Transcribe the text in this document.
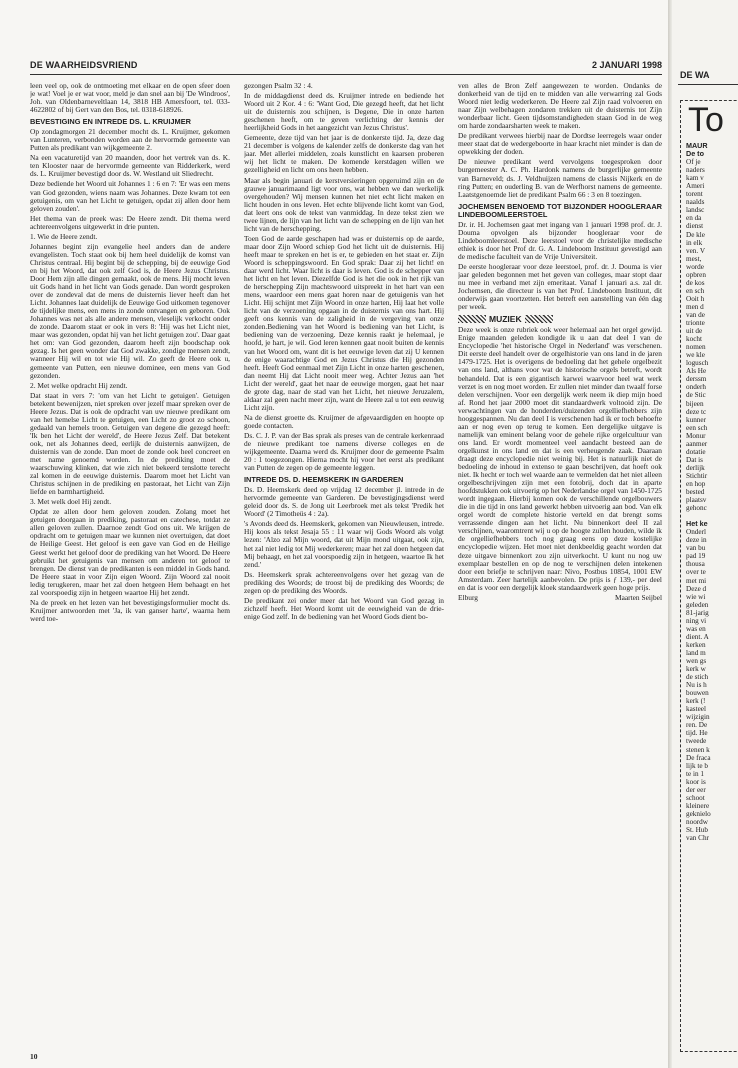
DE WAARHEIDSVRIEND	2 JANUARI 1998

leen veel op, ook de ontmoeting met elkaar en de open sfeer doen je wat! Voel je er wat voor, meld je dan snel aan bij 'De Windroos', Joh. van Oldenbarneveltlaan 14, 3818 HB Amersfoort, tel. 033-4622802 of bij Gert van den Bos, tel. 0318-618926.

BEVESTIGING EN INTREDE DS. L. KRUIJMER

Op zondagmorgen 21 december mocht ds. L. Kruijmer, gekomen van Lunteren, verbonden worden aan de hervormde gemeente van Putten als predikant van wijkgemeente 2.

Na een vacaturetijd van 20 maanden, door het vertrek van ds. K. ten Klooster naar de hervormde gemeente van Ridderkerk, werd ds. L. Kruijmer bevestigd door ds. W. Westland uit Sliedrecht.

Deze bediende het Woord uit Johannes 1 : 6 en 7: 'Er was een mens van God gezonden, wiens naam was Johannes. Deze kwam tot een getuigenis, om van het Licht te getuigen, opdat zij allen door hem geloven zouden'.

Het thema van de preek was: De Heere zendt. Dit thema werd achtereenvolgens uitgewerkt in drie punten.

1. Wie de Heere zendt.

Johannes begint zijn evangelie heel anders dan de andere evangelisten. Toch staat ook bij hem heel duidelijk de komst van Christus centraal. Hij begint bij de schepping, bij de eeuwige God en bij het Woord, dat ook zelf God is, de Heere Jezus Christus. Door Hem zijn alle dingen gemaakt, ook de mens. Hij mocht leven uit Gods hand in het licht van Gods genade. Dan wordt gesproken over de zondeval dat de mens de duisternis liever heeft dan het Licht. Johannes laat duidelijk de Eeuwige God uitkomen tegenover de tijdelijke mens, een mens in zonde ontvangen en geboren. Ook Johannes was net als alle andere mensen, vleselijk verkocht onder de zonde. Daarom staat er ook in vers 8: 'Hij was het Licht niet, maar was gezonden, opdat hij van het licht getuigen zou'. Daar gaat het om: van God gezonden, daarom heeft zijn boodschap ook gezag. Is het geen wonder dat God zwakke, zondige mensen zendt, wanneer Hij wil en tot wie Hij wil. Zo geeft de Heere ook u, gemeente van Putten, een nieuwe dominee, een mens van God gezonden.

2. Met welke opdracht Hij zendt.

Dat staat in vers 7: 'om van het Licht te getuigen'. Getuigen betekent bewenijzen, niet spreken over jezelf maar spreken over de Heere Jezus. Dat is ook de opdracht van uw nieuwe predikant om van het hemelse Licht te getuigen, een Licht zo groot zo schoon, gedaald van hemels troon. Getuigen van degene die gezegd heeft: 'Ik ben het Licht der wereld', de Heere Jezus Zelf. Dat betekent ook, net als Johannes deed, eerlijk de duisternis aanwijzen, de duisternis van de zonde. Dan moet de zonde ook heel concreet en met name genoemd worden. In de prediking moet de waarschuwing klinken, dat wie zich niet bekeerd tenslotte terecht zal komen in de eeuwige duisternis. Daarom moet het Licht van Christus schijnen in de prediking en pastoraat, het Licht van Zijn liefde en barmhartigheid.

3. Met welk doel Hij zendt.

Opdat ze allen door hem geloven zouden. Zolang moet het getuigen doorgaan in prediking, pastoraat en catechese, totdat ze allen geloven zullen. Daarnoe zendt God ons uit. We krijgen de opdracht om te getuigen maar we kunnen niet overtuigen, dat doet de Heilige Geest. Het geloof is een gave van God en de Heilige Geest werkt het geloof door de prediking van het Woord. De Heere gebruikt het getuigenis van mensen om anderen tot geloof te brengen. De dienst van de predikanten is een middel in Gods hand. De Heere staat in voor Zijn eigen Woord. Zijn Woord zal nooit ledig terugkeren, maar het zal doen hetgeen Hem behaagt en het zal voorspoedig zijn in hetgeen waartoe Hij het zendt.

Na de preek en het lezen van het bevestigingsformulier mocht ds. Kruijmer antwoorden met 'Ja, ik van ganser harte', waarna hem werd toe-

gezongen Psalm 32 : 4.

In de middagdienst deed ds. Kruijmer intrede en bediende het Woord uit 2 Kor. 4 : 6: 'Want God, Die gezegd heeft, dat het licht uit de duisternis zou schijnen, is Degene, Die in onze harten geschenen heeft, om te geven verlichting der kennis der heerlijkheid Gods in het aangezicht van Jezus Christus'.

Gemeente, deze tijd van het jaar is de donkerste tijd. Ja, deze dag 21 december is volgens de kalender zelfs de donkerste dag van het jaar. Met allerlei middelen, zoals kunstlicht en kaarsen proberen wij het licht te maken. De komende kerstdagen willen we gezelligheid en licht om ons heen hebben.

Maar als begin januari de kerstversieringen opgeruimd zijn en de grauwe januarimaand ligt voor ons, wat hebben we dan werkelijk overgehouden? Wij mensen kunnen het niet echt licht maken en licht houden in ons leven. Het echte blijvende licht komt van God, dat leert ons ook de tekst van vanmiddag. In deze tekst zien we twee lijnen, de lijn van het licht van de schepping en de lijn van het licht van de herschepping.

Toen God de aarde geschapen had was er duisternis op de aarde, maar door Zijn Woord schiep God het licht uit de duisternis. Hij heeft maar te spreken en het is er, te gebieden en het staat er. Zijn Woord is scheppingswoord. En God sprak: Daar zij het licht! en daar werd licht. Waar licht is daar is leven. God is de schepper van het licht en het leven. Diezelfde God is het die ook in het rijk van de herschepping Zijn machtswoord uitspreekt in het hart van een mens, waardoor een mens gaat horen naar de getuigenis van het Licht. Hij schijnt met Zijn Woord in onze harten, Hij laat het volle licht van de verzoening opgaan in de duisternis van ons hart. Hij geeft ons kennis van de zaligheid in de vergeving van onze zonden.Bediening van het Woord is bediening van het Licht, is bediening van de verzoening. Deze kennis raakt je helemaal, je hoofd, je hart, je wil. God leren kennen gaat nooit buiten de kennis van het Woord om, want dit is het eeuwige leven dat zij U kennen de enige waarachtige God en Jezus Christus die Hij gezonden heeft. Heeft God eenmaal met Zijn Licht in onze harten geschenen, dan neemt Hij dat Licht nooit meer weg. Achter Jezus aan 'het Licht der wereld', gaat het naar de eeuwige morgen, gaat het naar de grote dag, naar de stad van het Licht, het nieuwe Jeruzalem, aldaar zal geen nacht meer zijn, want de Heere zal u tot een eeuwig Licht zijn.

Na de dienst groette ds. Kruijmer de afgevaardigden en hoopte op goede contacten.

Ds. C. J. P. van der Bas sprak als preses van de centrale kerkenraad de nieuwe predikant toe namens diverse colleges en de wijkgemeente. Daarna werd ds. Kruijmer door de gemeente Psalm 20 : 1 toegezongen. Hierna mocht hij voor het eerst als predikant van Putten de zegen op de gemeente leggen.

INTREDE DS. D. HEEMSKERK IN GARDEREN

Ds. D. Heemskerk deed op vrijdag 12 december jl. intrede in de hervormde gemeente van Garderen. De bevestigingsdienst werd geleid door ds. S. de Jong uit Leerbroek met als tekst 'Predik het Woord' (2 Timotheüs 4 : 2a).

's Avonds deed ds. Heemskerk, gekomen van Nieuwleusen, intrede. Hij koos als tekst Jesaja 55 : 11 waar wij Gods Woord als volgt lezen: 'Alzo zal Mijn woord, dat uit Mijn mond uitgaat, ook zijn, het zal niet ledig tot Mij wederkeren; maar het zal doen hetgeen dat Mij behaagt, en het zal voorspoedig zijn in hetgeen, waartoe Ik het zend.'

Ds. Heemskerk sprak achtereenvolgens over het gezag van de prediking des Woords; de troost bij de prediking des Woords; de zegen op de prediking des Woords.

De predikant zei onder meer dat het Woord van God gezag in zichzelf heeft. Het Woord komt uit de eeuwigheid van de drie-enige God zelf. In de bediening van het Woord Gods dient bo-

ven alles de Bron Zelf aangewezen te worden. Ondanks de donkerheid van de tijd en te midden van alle verwarring zal Gods Woord niet ledig wederkeren. De Heere zal Zijn raad volvoeren en naar Zijn welbehagen zondaren trekken uit de duisternis tot Zijn wonderbaar licht. Geen tijdsomstandigheden staan God in de weg om harde zondaarsharten week te maken.

De predikant verwees hierbij naar de Dordtse leerregels waar onder meer staat dat de wedergeboorte in haar kracht niet minder is dan de opwekking der doden.

De nieuwe predikant werd vervolgens toegesproken door burgemeester A. C. Ph. Hardonk namens de burgerlijke gemeente van Barneveld; ds. J. Veldhuijzen namens de classis Nijkerk en de ring Putten; en ouderling B. van de Werfhorst namens de gemeente. Laatstgenoemde liet de predikant Psalm 66 : 3 en 8 toezingen.

JOCHEMSEN BENOEMD TOT BIJZONDER HOOGLERAAR LINDEBOOMLEERSTOEL

Dr. ir. H. Jochemsen gaat met ingang van 1 januari 1998 prof. dr. J. Douma opvolgen als bijzonder hoogleraar voor de Lindeboomleerstoel. Deze leerstoel voor de christelijke medische ethiek is door het Prof dr. G. A. Lindeboom Instituut gevestigd aan de medische faculteit van de Vrije Universiteit.

De eerste hoogleraar voor deze leerstoel, prof. dr. J. Douma is vier jaar geleden begonnen met het geven van colleges, maar stopt daar nu mee in verband met zijn emeritaat. Vanaf 1 januari a.s. zal dr. Jochemsen, die directeur is van het Prof. Lindeboom Instituut, dit onderwijs gaan voortzetten. Het betreft een aanstelling van één dag per week.

MUZIEK

Deze week is onze rubriek ook weer helemaal aan het orgel gewijd. Enige maanden geleden kondigde ik u aan dat deel I van de Encyclopedie 'het historische Orgel in Nederland' was verschenen. Dit eerste deel handelt over de orgelhistorie van ons land in de jaren 1479-1725. Het is overigens de bedoeling dat het gehele orgelbezit van ons land, althans voor wat de historische orgels betreft, wordt behandeld. Dat is een gigantisch karwei waarvoor heel wat werk verzet is en nog moet worden. Er zullen niet minder dan twaalf forse delen verschijnen. Voor een dergelijk werk neem ik diep mijn hoed af. Rond het jaar 2000 moet dit standaardwerk voltooid zijn. De verwachtingen van de honderden/duizenden orgelliefhebbers zijn hooggespannen. Nu dan deel I is verschenen had ik er toch behoefte aan er nog even op terug te komen. Een dergelijke uitgave is namelijk van eminent belang voor de gehele rijke orgelcultuur van ons land. Er wordt momenteel veel aandacht besteed aan de orgelkunst in ons land en dat is een verheugende zaak. Daaraan draagt deze encyclopedie niet weinig bij. Het is natuurlijk niet de bedoeling de inhoud in extenso te gaan beschrijven, dat hoeft ook niet. Ik hecht er toch wel waarde aan te vermelden dat het niet alleen orgelbeschrijvingen zijn met een fotobrij, doch dat in aparte hoofdstukken ook uitvoerig op het Nederlandse orgel van 1450-1725 wordt ingegaan. Hierbij komen ook de verschillende orgelbouwers die in die tijd in ons land gewerkt hebben uitvoerig aan bod. Van elk orgel wordt de complete historie verteld en dat brengt soms verrassende dingen aan het licht. Nu binnenkort deel II zal verschijnen, waaromtrent wij u op de hoogte zullen houden, wilde ik de orgelliefhebbers toch nog graag eens op deze kostelijke encyclopedie wijzen. Het moet niet denkbeeldig geacht worden dat deze uitgave binnenkort zou zijn uitverkocht. U kunt nu nog uw exemplaar bestellen en op de nog te verschijnen delen intekenen door een briefje te schrijven naar: Nivo, Postbus 10854, 1001 EW Amsterdam. Zeer hartelijk aanbevolen. De prijs is ƒ 139,- per deel en dat is voor een dergelijk kloek standaardwerk geen hoge prijs.

Elburg	Maarten Seijbel
10
DE WA
To
MAUR
De to
Of je
naders
kam v
Ameri
torent
naalds
landsc
en da
dienst
De kle
in elk
ven. V
mest,
worde
opbren
de kos
en sch
Ooit h
men d
van de
trionte
uit de
kocht
nomen
we kle
logusch
Als He
derssm
onderh
de Stic
bijeen
deze tc
kunner
een sch
Monur
aanmer
dotatie
Dat is
derlijk
Stichtir
en hop
bested
plaatsv
gehonc
Het ke
Onderl
deze in
van bu
pad 19
thousa
over te
met mi
Deze d
wie wi
geleden
81-jarig
ning vi
was en
dient. A
kerken
land m
wen gs
kerk w
de stich
Nu is h
bouwen
kerk (!
kasteel
wijzigin
ren. De
tijd. He
tweede
stenen k
De fraca
lijk te b
te in 1
koor is
der eer
schoot
kleinere
geknielo
noordw
St. Hub
van Chr
